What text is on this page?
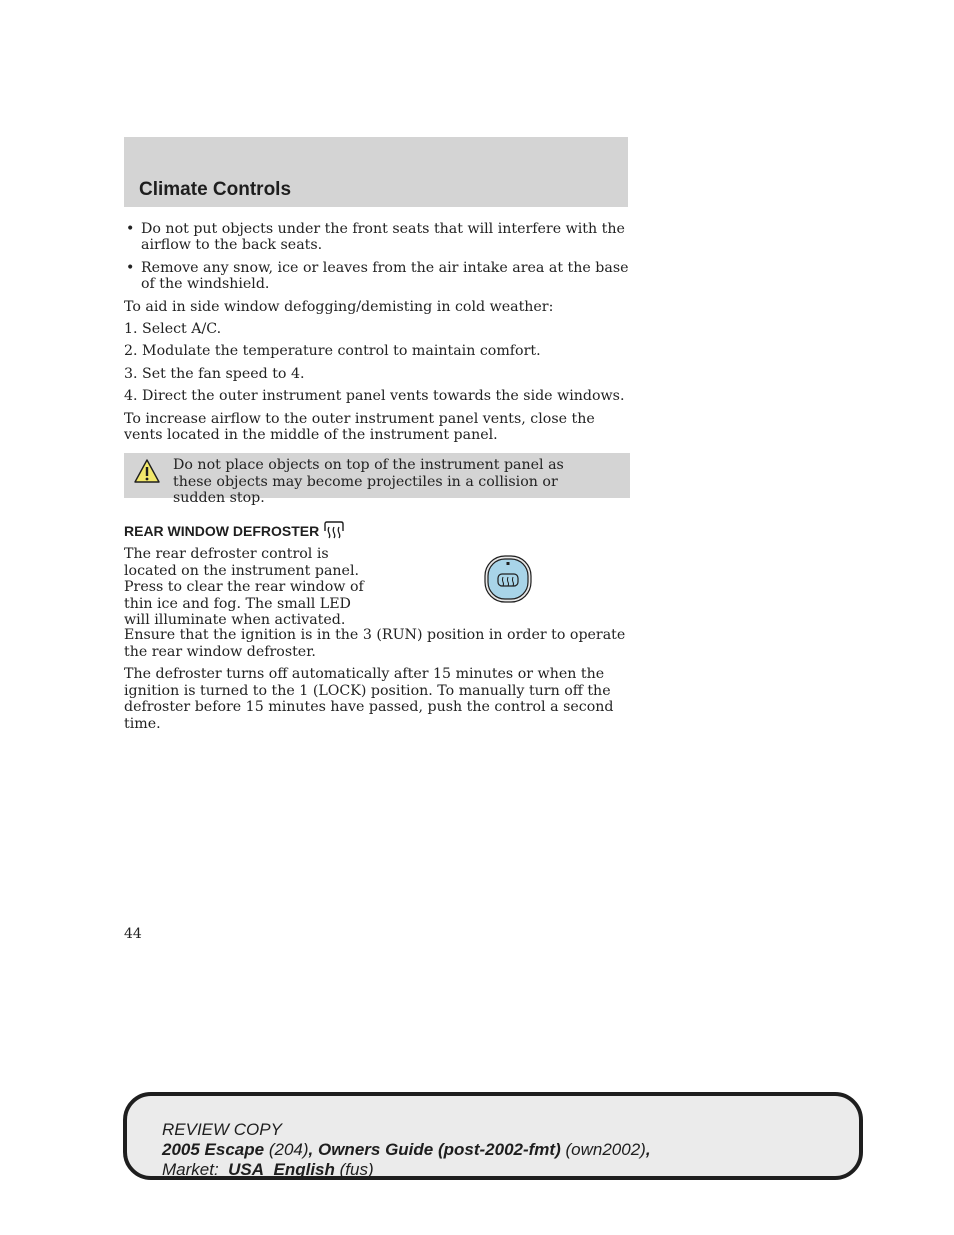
Climate Controls
• Do not put objects under the front seats that will interfere with the airflow to the back seats.
• Remove any snow, ice or leaves from the air intake area at the base of the windshield.

To aid in side window defogging/demisting in cold weather:

1. Select A/C.

2. Modulate the temperature control to maintain comfort.

3. Set the fan speed to 4.

4. Direct the outer instrument panel vents towards the side windows.

To increase airflow to the outer instrument panel vents, close the vents located in the middle of the instrument panel.

Do not place objects on top of the instrument panel as these objects may become projectiles in a collision or sudden stop.
REAR WINDOW DEFROSTER

The rear defroster control is located on the instrument panel. Press to clear the rear window of thin ice and fog. The small LED will illuminate when activated.

Ensure that the ignition is in the 3 (RUN) position in order to operate the rear window defroster.

The defroster turns off automatically after 15 minutes or when the ignition is turned to the 1 (LOCK) position. To manually turn off the defroster before 15 minutes have passed, push the control a second time.

44
REVIEW COPY
2005 Escape (204), Owners Guide (post-2002-fmt) (own2002),
Market: USA_English (fus)
